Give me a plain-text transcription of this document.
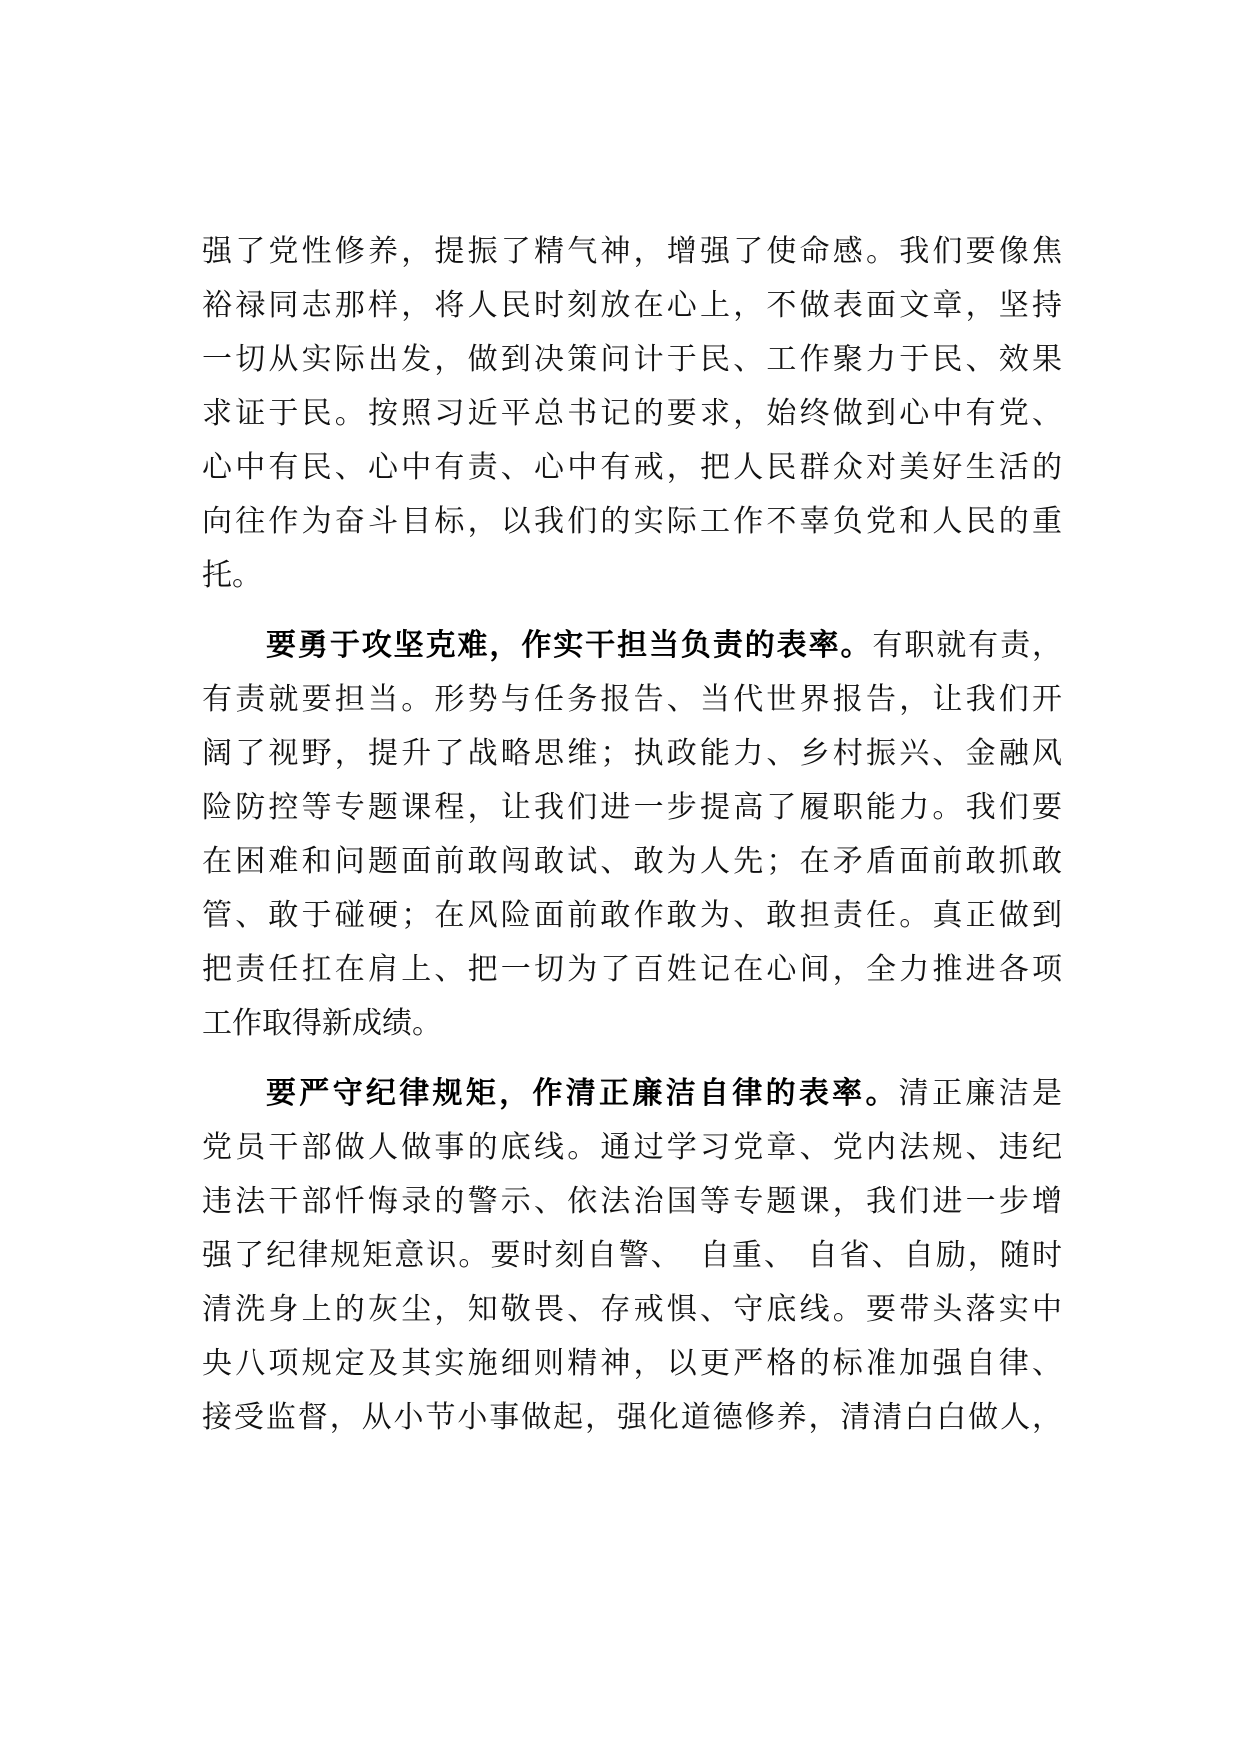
强了党性修养，提振了精气神，增强了使命感。我们要像焦
裕禄同志那样，将人民时刻放在心上，不做表面文章，坚持
一切从实际出发，做到决策问计于民、工作聚力于民、效果
求证于民。按照习近平总书记的要求，始终做到心中有党、
心中有民、心中有责、心中有戒，把人民群众对美好生活的
向往作为奋斗目标，以我们的实际工作不辜负党和人民的重
托。
要勇于攻坚克难，作实干担当负责的表率。有职就有责，
有责就要担当。形势与任务报告、当代世界报告，让我们开
阔了视野，提升了战略思维；执政能力、乡村振兴、金融风
险防控等专题课程，让我们进一步提高了履职能力。我们要
在困难和问题面前敢闯敢试、敢为人先；在矛盾面前敢抓敢
管、敢于碰硬；在风险面前敢作敢为、敢担责任。真正做到
把责任扛在肩上、把一切为了百姓记在心间，全力推进各项
工作取得新成绩。
要严守纪律规矩，作清正廉洁自律的表率。清正廉洁是
党员干部做人做事的底线。通过学习党章、党内法规、违纪
违法干部忏悔录的警示、依法治国等专题课，我们进一步增
强了纪律规矩意识。要时刻自警、　自重、 自省、自励，随时
清洗身上的灰尘，知敬畏、存戒惧、守底线。要带头落实中
央八项规定及其实施细则精神，以更严格的标准加强自律、
接受监督，从小节小事做起，强化道德修养，清清白白做人，
